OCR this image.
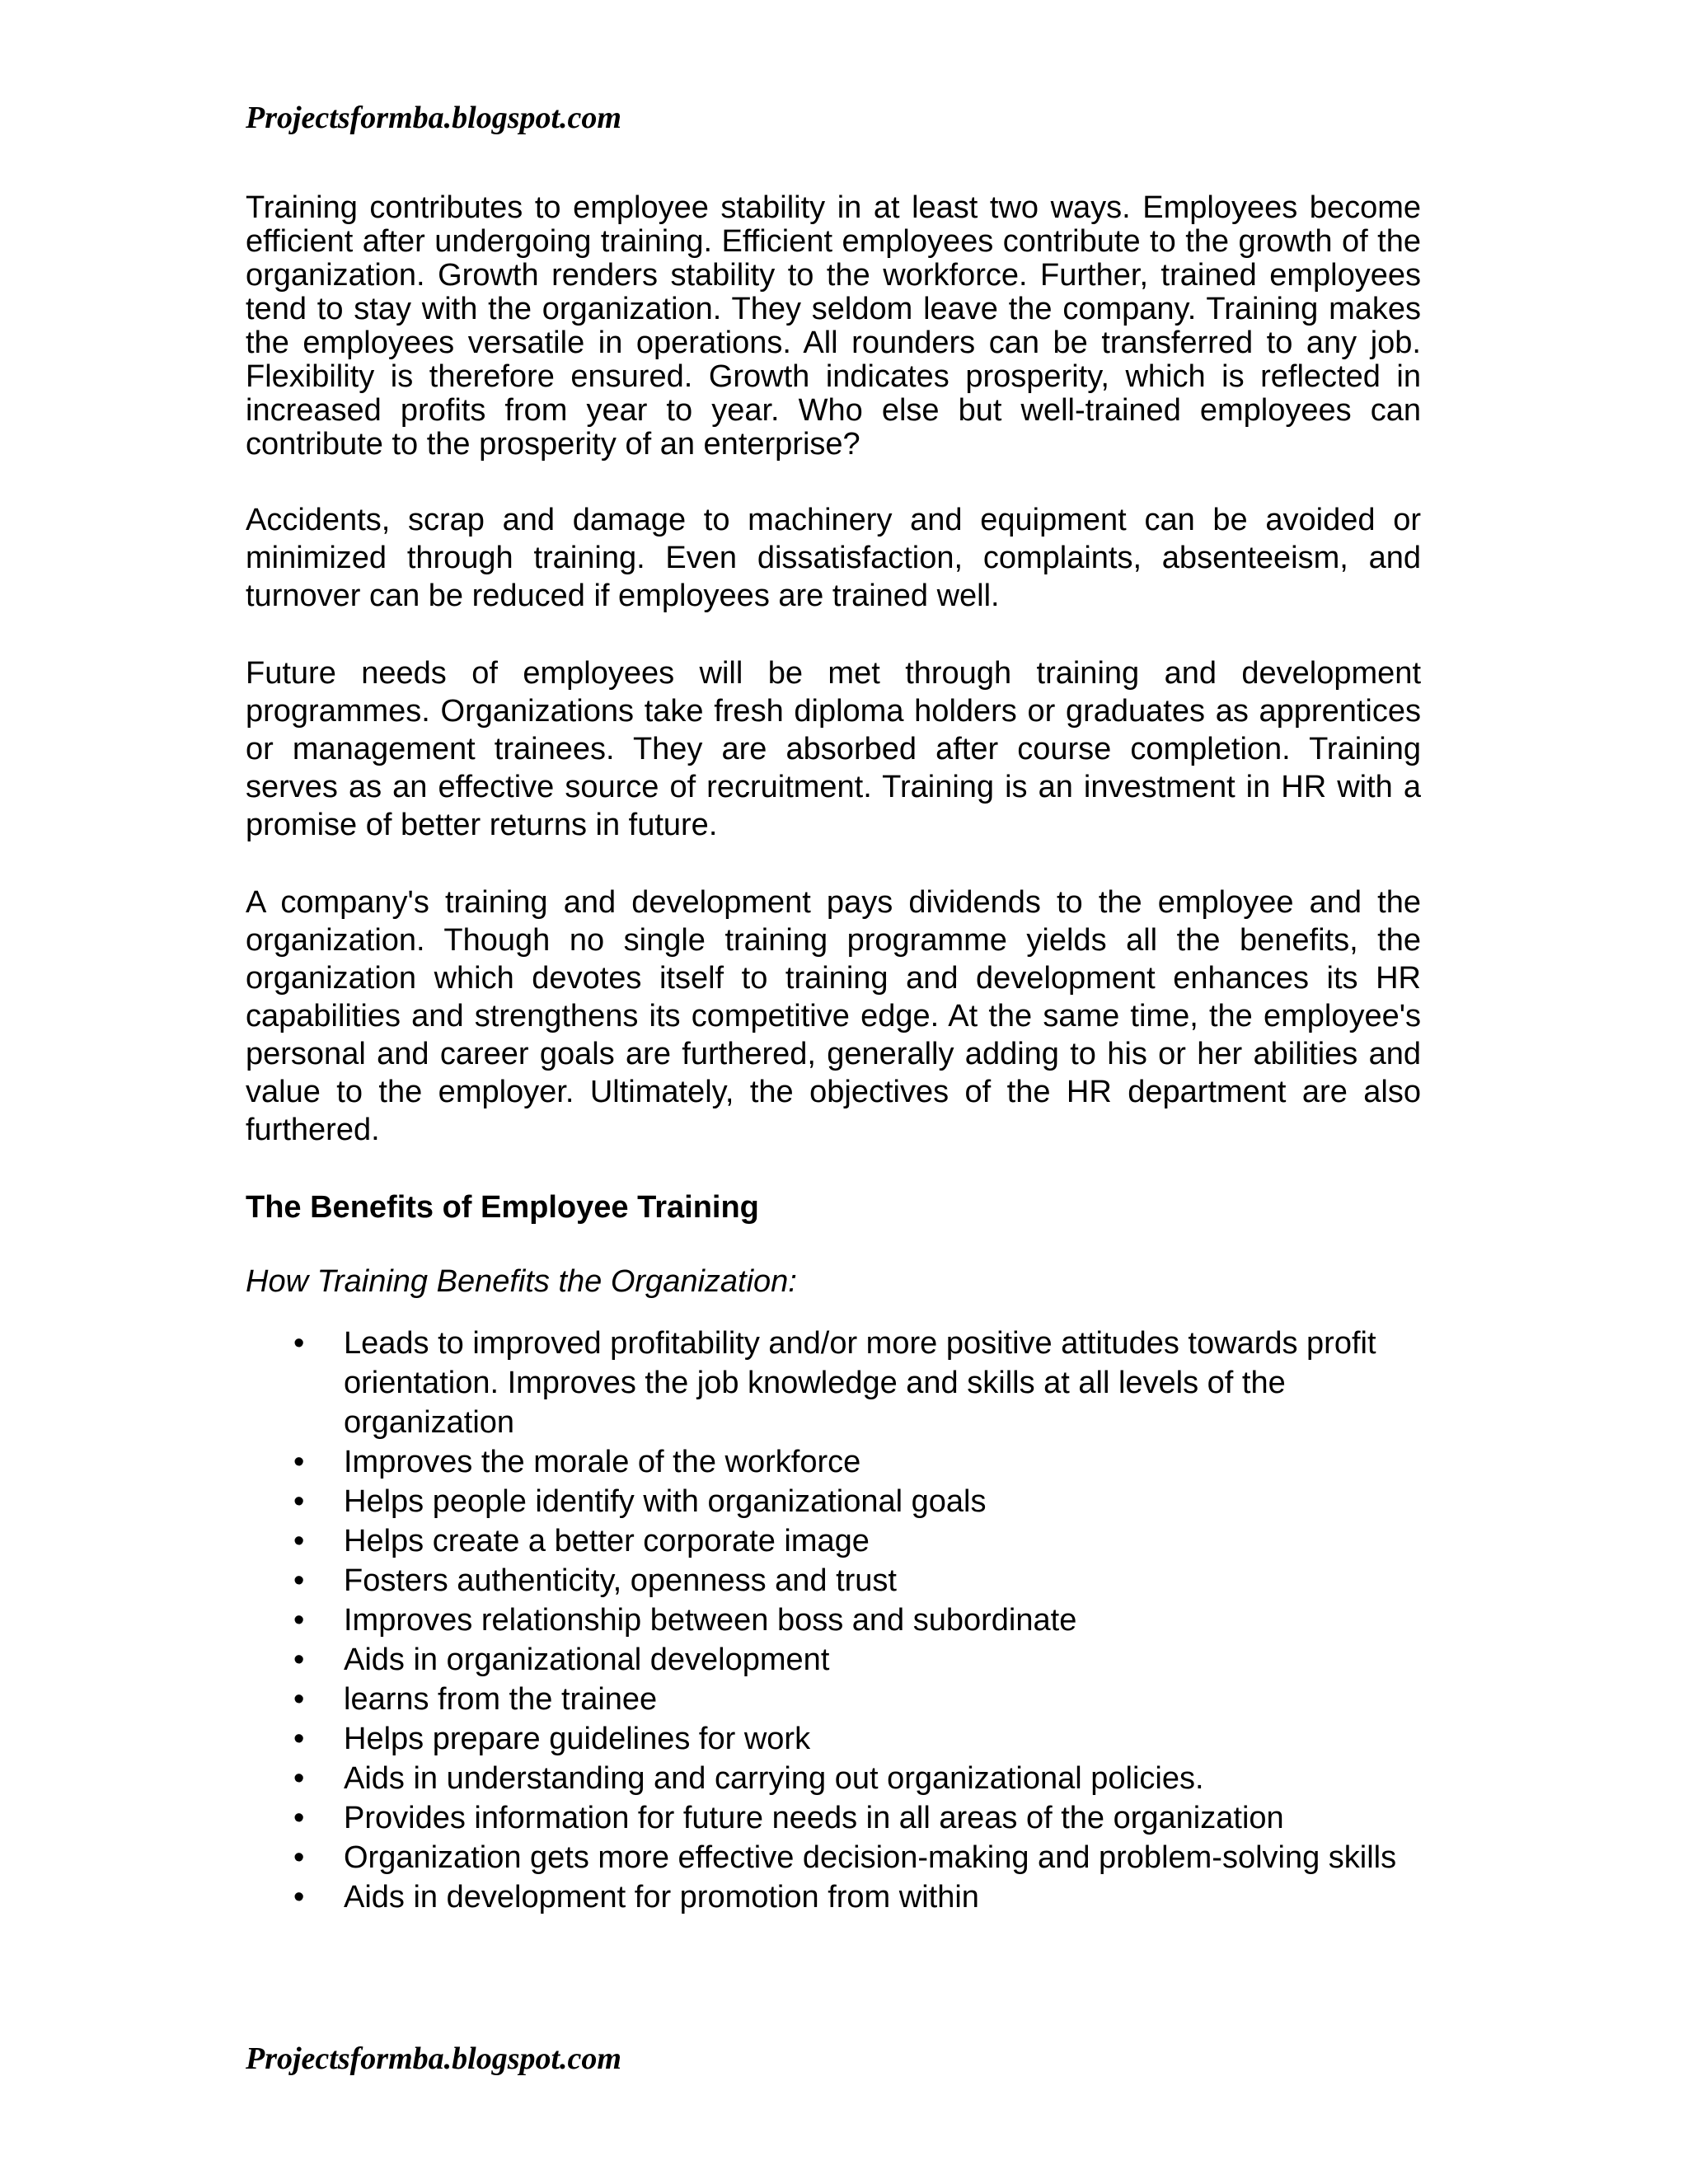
Projectsformba.blogspot.com

Training contributes to employee stability in at least two ways. Employees become efficient after undergoing training. Efficient employees contribute to the growth of the organization. Growth renders stability to the workforce. Further, trained employees tend to stay with the organization. They seldom leave the company. Training makes the employees versatile in operations. All rounders can be transferred to any job. Flexibility is therefore ensured. Growth indicates prosperity, which is reflected in increased profits from year to year. Who else but well-trained employees can contribute to the prosperity of an enterprise?

Accidents, scrap and damage to machinery and equipment can be avoided or minimized through training. Even dissatisfaction, complaints, absenteeism, and turnover can be reduced if employees are trained well.

Future needs of employees will be met through training and development programmes. Organizations take fresh diploma holders or graduates as apprentices or management trainees. They are absorbed after course completion. Training serves as an effective source of recruitment. Training is an investment in HR with a promise of better returns in future.

A company's training and development pays dividends to the employee and the organization. Though no single training programme yields all the benefits, the organization which devotes itself to training and development enhances its HR capabilities and strengthens its competitive edge. At the same time, the employee's personal and career goals are furthered, generally adding to his or her abilities and value to the employer. Ultimately, the objectives of the HR department are also furthered.

The Benefits of Employee Training

How Training Benefits the Organization:

• Leads to improved profitability and/or more positive attitudes towards profit orientation. Improves the job knowledge and skills at all levels of the organization
• Improves the morale of the workforce
• Helps people identify with organizational goals
• Helps create a better corporate image
• Fosters authenticity, openness and trust
• Improves relationship between boss and subordinate
• Aids in organizational development
• learns from the trainee
• Helps prepare guidelines for work
• Aids in understanding and carrying out organizational policies.
• Provides information for future needs in all areas of the organization
• Organization gets more effective decision-making and problem-solving skills
• Aids in development for promotion from within
Projectsformba.blogspot.com
